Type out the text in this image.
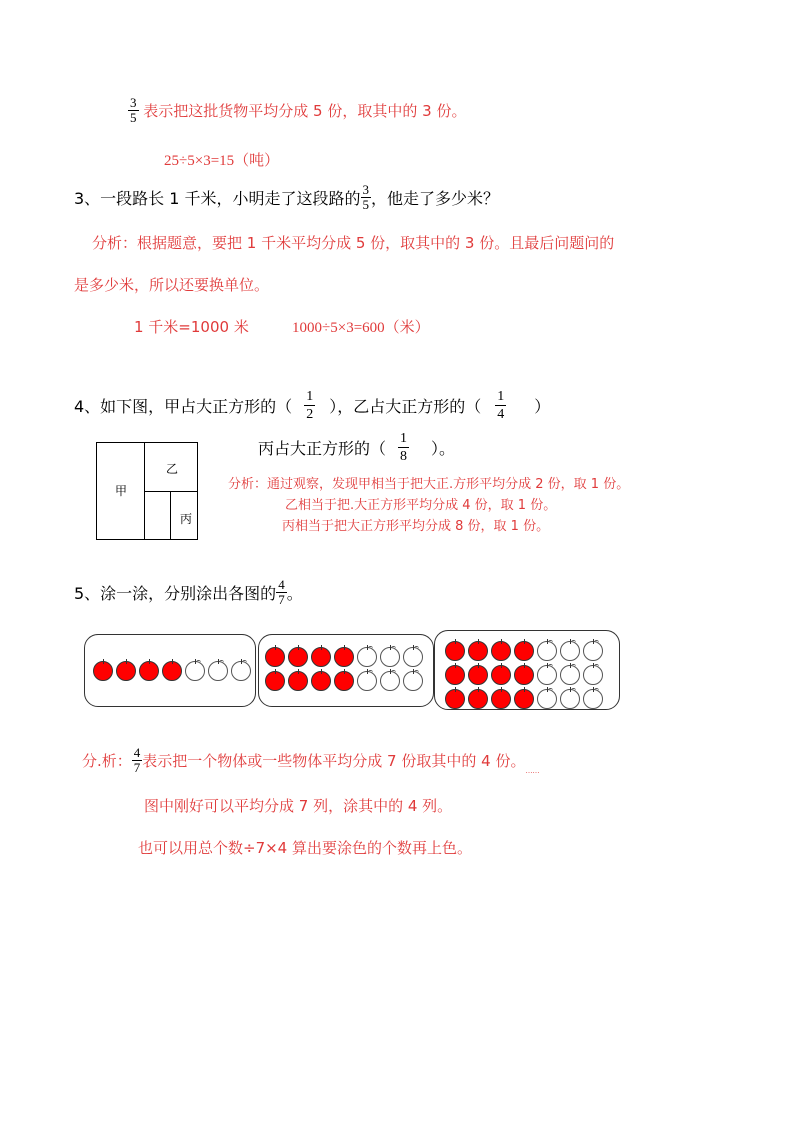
$\frac{3}{5}$ 表示把这批货物平均分成 5 份，取其中的 3 份。
25÷5×3=15（吨）
3、一段路长 1 千米，小明走了这段路的 $\frac{3}{5}$ ，他走了多少米？
分析：根据题意，要把 1 千米平均分成 5 份，取其中的 3 份。且最后问题问的
是多少米，所以还要换单位。
1 千米=1000 米	1000÷5×3=600（米）
4、如下图，甲占大正方形的（ $\frac{1}{2}$ ），乙占大正方形的（ $\frac{1}{4}$ ）
丙占大正方形的（ $\frac{1}{8}$ ）。
甲
乙
丙
分析：通过观察，发现甲相当于把大正.方形平均分成 2 份，取 1 份。
乙相当于把.大正方形平均分成 4 份，取 1 份。
丙相当于把大正方形平均分成 8 份，取 1 份。
5、涂一涂，分别涂出各图的 $\frac{4}{7}$ 。
分.析： $\frac{4}{7}$ 表示把一个物体或一些物体平均分成 7 份取其中的 4 份。……
图中刚好可以平均分成 7 列，涂其中的 4 列。
也可以用总个数÷7×4 算出要涂色的个数再上色。
